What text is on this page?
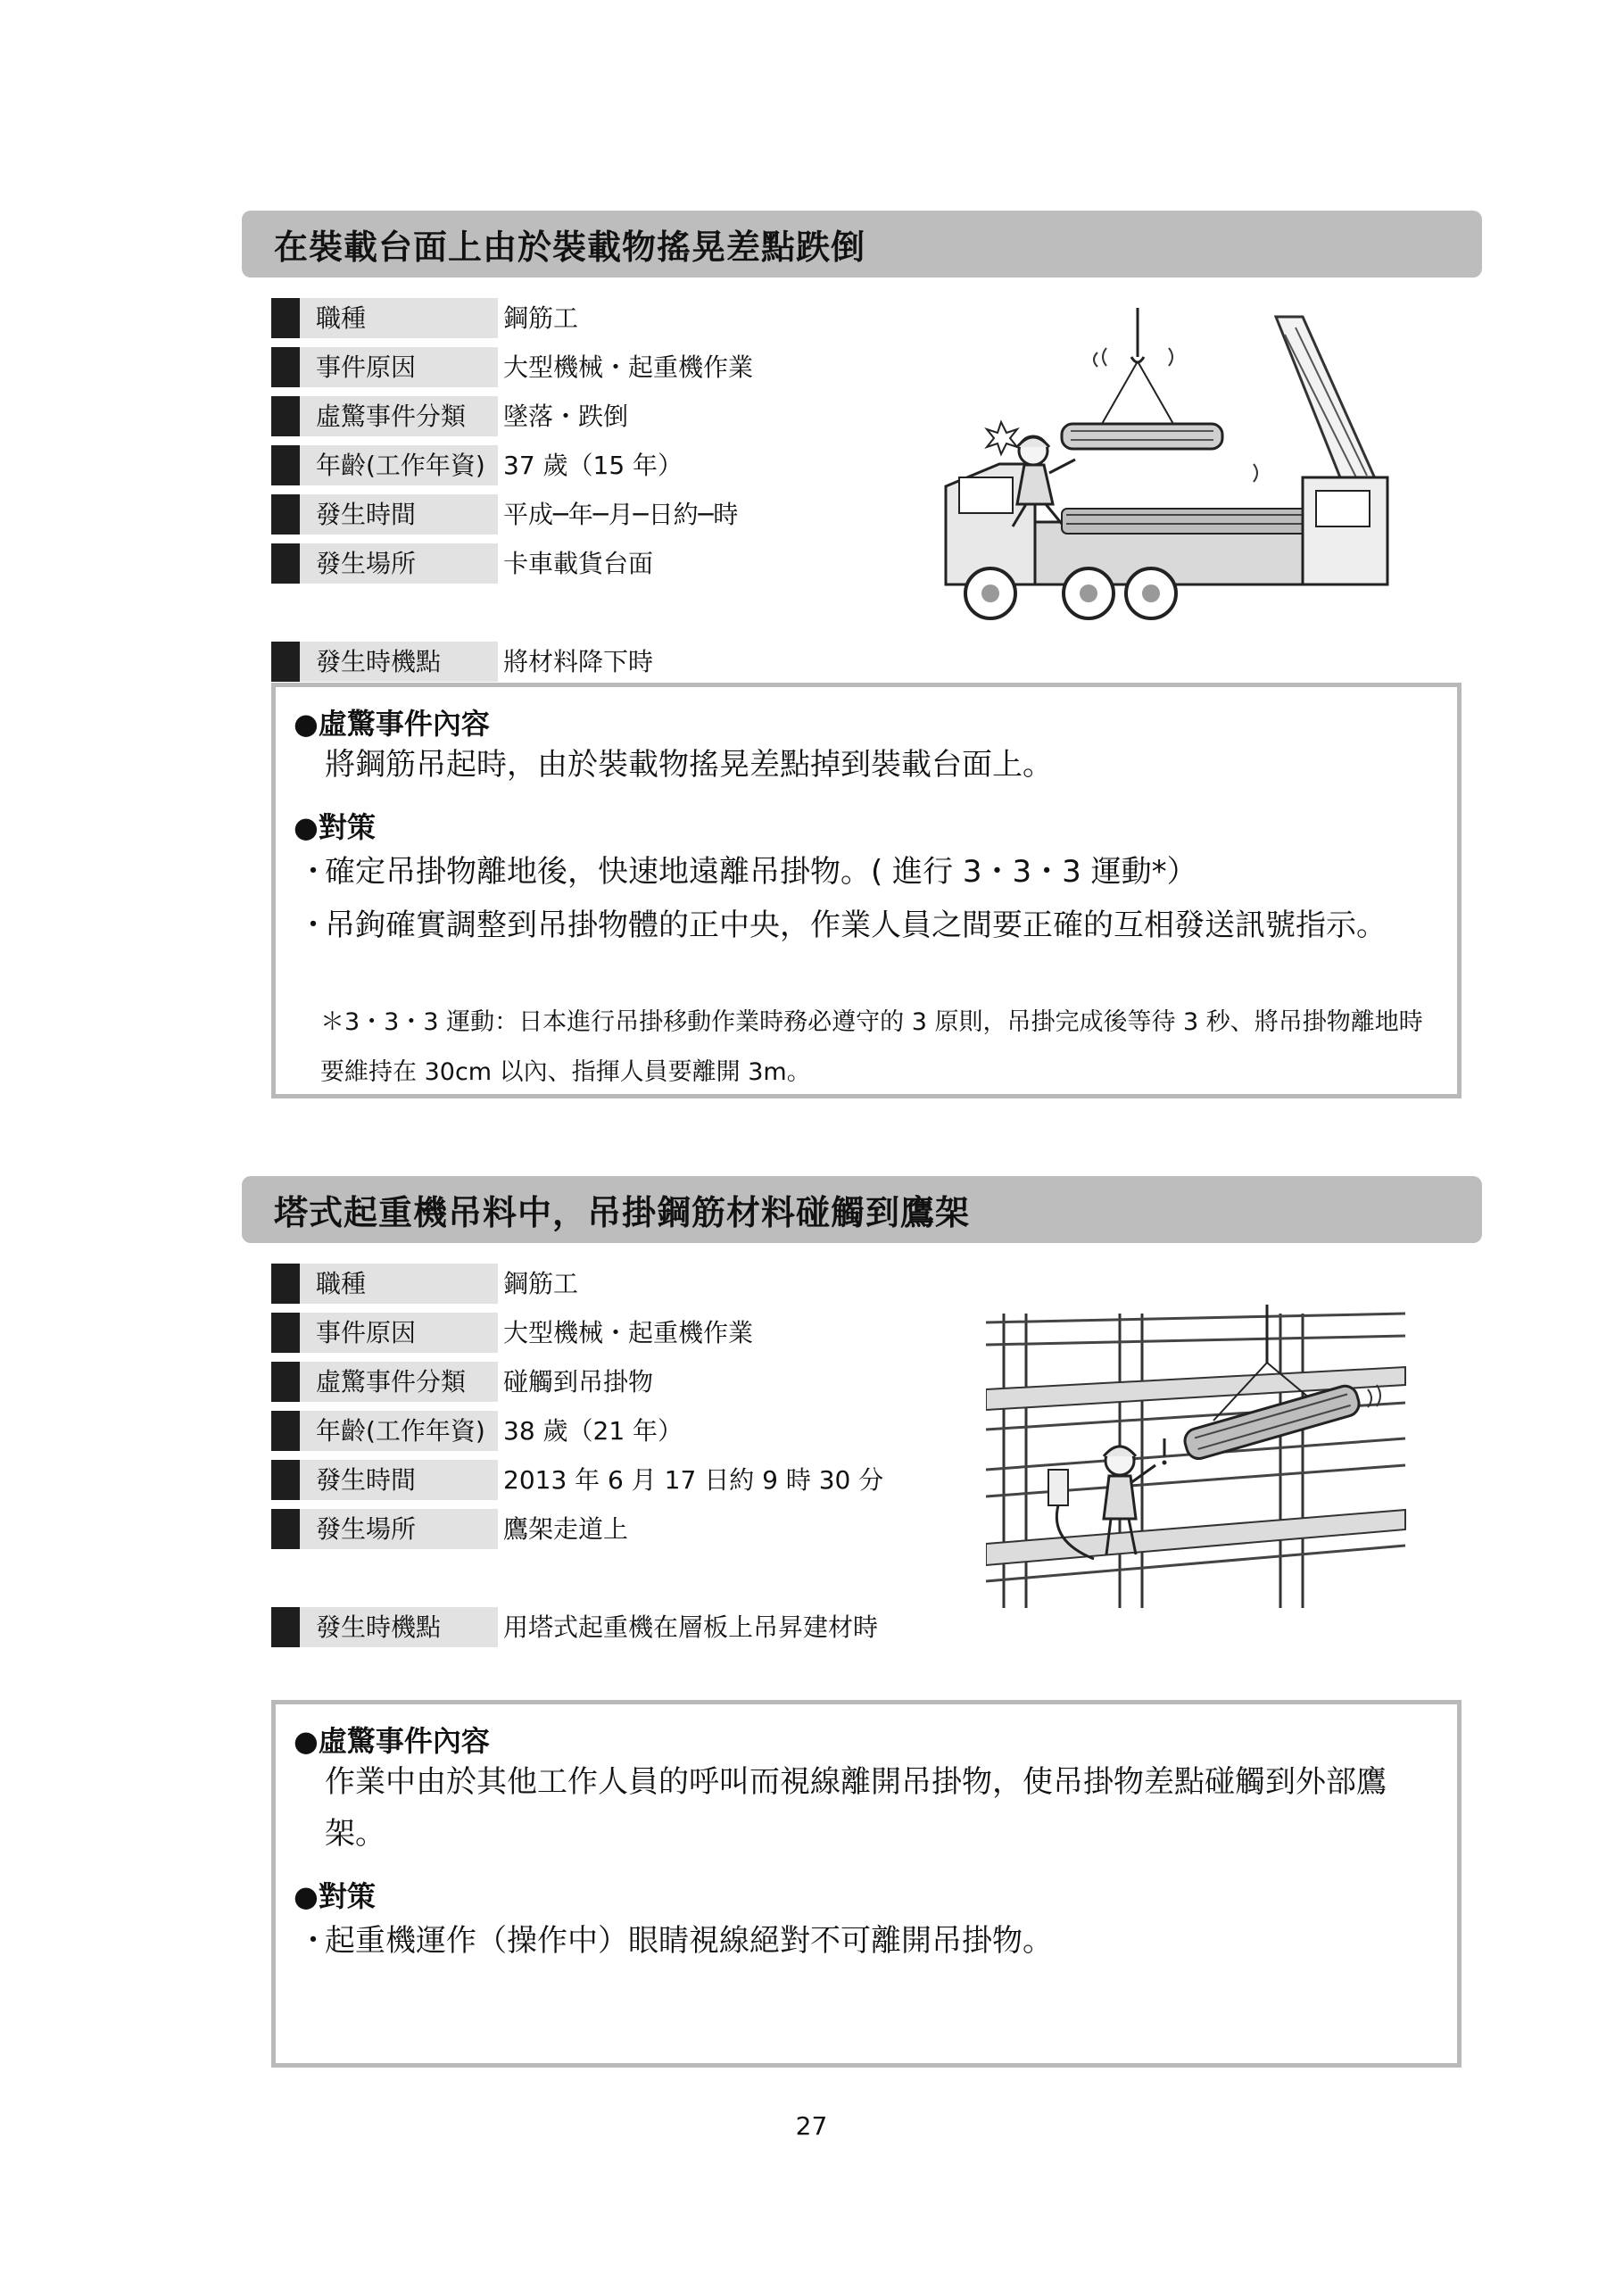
在裝載台面上由於裝載物搖晃差點跌倒
職種	鋼筋工
事件原因	大型機械・起重機作業
虛驚事件分類	墜落・跌倒
年齡(工作年資) 37 歲（15 年）
發生時間	平成─年─月─日約─時
發生場所	卡車載貨台面
發生時機點	將材料降下時
●虛驚事件內容
將鋼筋吊起時，由於裝載物搖晃差點掉到裝載台面上。
●對策
・
確定吊掛物離地後，快速地遠離吊掛物。( 進行 3・3・3 運動*）
・
吊鉤確實調整到吊掛物體的正中央，作業人員之間要正確的互相發送訊號指示。
＊3・3・3 運動：日本進行吊掛移動作業時務必遵守的 3 原則，吊掛完成後等待 3 秒、將吊掛物離地時要維持在 30cm 以內、指揮人員要離開 3m。
塔式起重機吊料中，吊掛鋼筋材料碰觸到鷹架
職種	鋼筋工
事件原因	大型機械・起重機作業
虛驚事件分類	碰觸到吊掛物
年齡(工作年資) 38 歲（21 年）
發生時間	2013 年 6 月 17 日約 9 時 30 分
發生場所	鷹架走道上
發生時機點	用塔式起重機在層板上吊昇建材時
●虛驚事件內容
作業中由於其他工作人員的呼叫而視線離開吊掛物，使吊掛物差點碰觸到外部鷹架。
●對策
・
起重機運作（操作中）眼睛視線絕對不可離開吊掛物。
27
